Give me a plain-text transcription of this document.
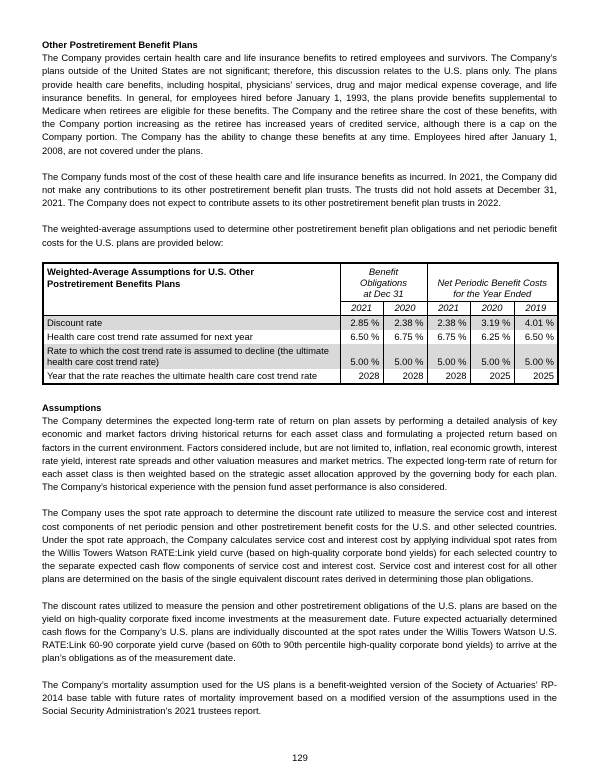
Other Postretirement Benefit Plans
The Company provides certain health care and life insurance benefits to retired employees and survivors. The Company’s plans outside of the United States are not significant; therefore, this discussion relates to the U.S. plans only. The plans provide health care benefits, including hospital, physicians’ services, drug and major medical expense coverage, and life insurance benefits. In general, for employees hired before January 1, 1993, the plans provide benefits supplemental to Medicare when retirees are eligible for these benefits. The Company and the retiree share the cost of these benefits, with the Company portion increasing as the retiree has increased years of credited service, although there is a cap on the Company portion. The Company has the ability to change these benefits at any time. Employees hired after January 1, 2008, are not covered under the plans.
The Company funds most of the cost of these health care and life insurance benefits as incurred. In 2021, the Company did not make any contributions to its other postretirement benefit plan trusts. The trusts did not hold assets at December 31, 2021. The Company does not expect to contribute assets to its other postretirement benefit plan trusts in 2022.
The weighted-average assumptions used to determine other postretirement benefit plan obligations and net periodic benefit costs for the U.S. plans are provided below:
Weighted-Average Assumptions for U.S. Other
Postretirement Benefits Plans	Benefit
Obligations
at Dec 31		Net Periodic Benefit Costs
for the Year Ended		

	2021	2020	2021	2020	2019
Discount rate	2.85 %	2.38 %	2.38 %	3.19 %	4.01 %
Health care cost trend rate assumed for next year	6.50 %	6.75 %	6.75 %	6.25 %	6.50 %
Rate to which the cost trend rate is assumed to decline (the ultimate health care cost trend rate)	5.00 %	5.00 %	5.00 %	5.00 %	5.00 %
Year that the rate reaches the ultimate health care cost trend rate	2028	2028	2028	2025	2025
Assumptions
The Company determines the expected long-term rate of return on plan assets by performing a detailed analysis of key economic and market factors driving historical returns for each asset class and formulating a projected return based on factors in the current environment. Factors considered include, but are not limited to, inflation, real economic growth, interest rate yield, interest rate spreads and other valuation measures and market metrics. The expected long-term rate of return for each asset class is then weighted based on the strategic asset allocation approved by the governing body for each plan. The Company’s historical experience with the pension fund asset performance is also considered.
The Company uses the spot rate approach to determine the discount rate utilized to measure the service cost and interest cost components of net periodic pension and other postretirement benefit costs for the U.S. and other selected countries. Under the spot rate approach, the Company calculates service cost and interest cost by applying individual spot rates from the Willis Towers Watson RATE:Link yield curve (based on high-quality corporate bond yields) for each selected country to the separate expected cash flow components of service cost and interest cost. Service cost and interest cost for all other plans are determined on the basis of the single equivalent discount rates derived in determining those plan obligations.
The discount rates utilized to measure the pension and other postretirement obligations of the U.S. plans are based on the yield on high-quality corporate fixed income investments at the measurement date. Future expected actuarially determined cash flows for the Company’s U.S. plans are individually discounted at the spot rates under the Willis Towers Watson U.S. RATE:Link 60-90 corporate yield curve (based on 60th to 90th percentile high-quality corporate bond yields) to arrive at the plan’s obligations as of the measurement date.
The Company’s mortality assumption used for the US plans is a benefit-weighted version of the Society of Actuaries’ RP-2014 base table with future rates of mortality improvement based on a modified version of the assumptions used in the Social Security Administration’s 2021 trustees report.
129
